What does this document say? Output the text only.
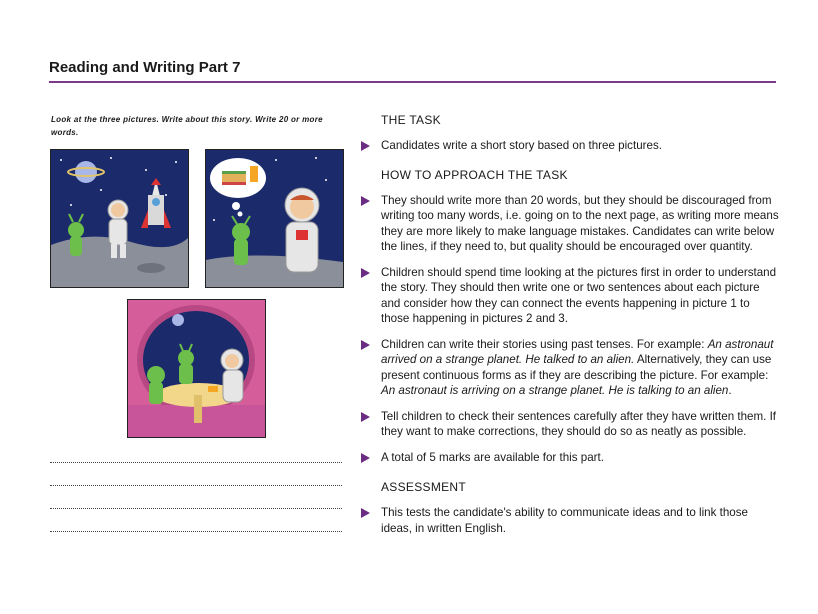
Reading and Writing Part 7
Look at the three pictures. Write about this story. Write 20 or more words.
THE TASK

Candidates write a short story based on three pictures.

HOW TO APPROACH THE TASK

They should write more than 20 words, but they should be discouraged from writing too many words, i.e. going on to the next page, as writing more means they are more likely to make language mistakes. Candidates can write below the lines, if they need to, but quality should be encouraged over quantity.

Children should spend time looking at the pictures first in order to understand the story. They should then write one or two sentences about each picture and consider how they can connect the events happening in picture 1 to those happening in pictures 2 and 3.

Children can write their stories using past tenses. For example: An astronaut arrived on a strange planet. He talked to an alien. Alternatively, they can use present continuous forms as if they are describing the picture. For example: An astronaut is arriving on a strange planet. He is talking to an alien.

Tell children to check their sentences carefully after they have written them. If they want to make corrections, they should do so as neatly as possible.

A total of 5 marks are available for this part.

ASSESSMENT

This tests the candidate's ability to communicate ideas and to link those ideas, in written English.
